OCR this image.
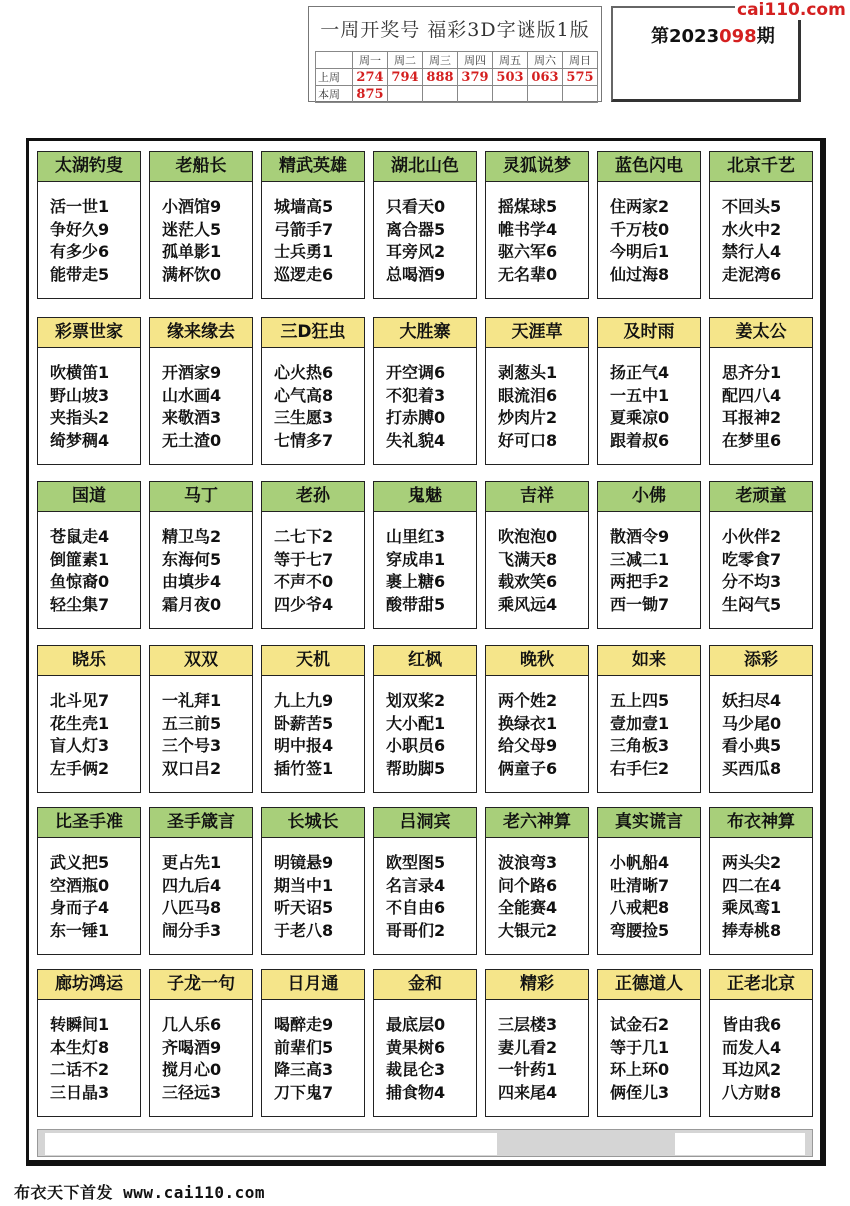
一周开奖号 福彩3D字谜版1版
	周一	周二	周三	周四	周五	周六	周日
上周	274	794	888	379	503	063	575
本周	875						
第2023098期
cai110.com
太湖钓叟
活一世1
争好久9
有多少6
能带走5
老船长
小酒馆9
迷茫人5
孤单影1
满杯饮0
精武英雄
城墙高5
弓箭手7
士兵勇1
巡逻走6
湖北山色
只看天0
离合器5
耳旁风2
总喝酒9
灵狐说梦
摇煤球5
帷书学4
驱六军6
无名辈0
蓝色闪电
住两家2
千万枝0
今明后1
仙过海8
北京千艺
不回头5
水火中2
禁行人4
走泥湾6
彩票世家
吹横笛1
野山坡3
夹指头2
绮梦稠4
缘来缘去
开酒家9
山水画4
来敬酒3
无土渣0
三D狂虫
心火热6
心气高8
三生愿3
七情多7
大胜寨
开空调6
不犯着3
打赤膊0
失礼貌4
天涯草
剥葱头1
眼流泪6
炒肉片2
好可口8
及时雨
扬正气4
一五中1
夏乘凉0
跟着叔6
姜太公
思齐分1
配四八4
耳报神2
在梦里6
国道
苍鼠走4
倒篚素1
鱼惊裔0
轻尘集7
马丁
精卫鸟2
东海何5
由填步4
霜月夜0
老孙
二七下2
等于七7
不声不0
四少爷4
鬼魅
山里红3
穿成串1
裹上糖6
酸带甜5
吉祥
吹泡泡0
飞满天8
载欢笑6
乘风远4
小佛
散酒令9
三减二1
两把手2
西一锄7
老顽童
小伙伴2
吃零食7
分不均3
生闷气5
晓乐
北斗见7
花生壳1
盲人灯3
左手俩2
双双
一礼拜1
五三前5
三个号3
双口吕2
天机
九上九9
卧薪苦5
明中报4
插竹签1
红枫
划双桨2
大小配1
小职员6
帮助脚5
晚秋
两个姓2
换绿衣1
给父母9
俩童子6
如来
五上四5
壹加壹1
三角板3
右手仨2
添彩
妖扫尽4
马少尾0
看小典5
买西瓜8
比圣手准
武义把5
空酒瓶0
身而子4
东一锤1
圣手箴言
更占先1
四九后4
八匹马8
闹分手3
长城长
明镜悬9
期当中1
听天诏5
于老八8
吕洞宾
欧型图5
名言录4
不自由6
哥哥们2
老六神算
波浪弯3
问个路6
全能赛4
大银元2
真实谎言
小帆船4
吐清晰7
八戒耙8
弯腰捡5
布衣神算
两头尖2
四二在4
乘凤鸾1
捧寿桃8
廊坊鸿运
转瞬间1
本生灯8
二话不2
三日晶3
子龙一句
几人乐6
齐喝酒9
搅月心0
三径远3
日月通
喝醉走9
前辈们5
降三高3
刀下鬼7
金和
最底层0
黄果树6
裁昆仑3
捕食物4
精彩
三层楼3
妻儿看2
一针药1
四来尾4
正德道人
试金石2
等于几1
环上环0
俩侄儿3
正老北京
皆由我6
而发人4
耳边风2
八方财8
布衣天下首发 www.cai110.com
